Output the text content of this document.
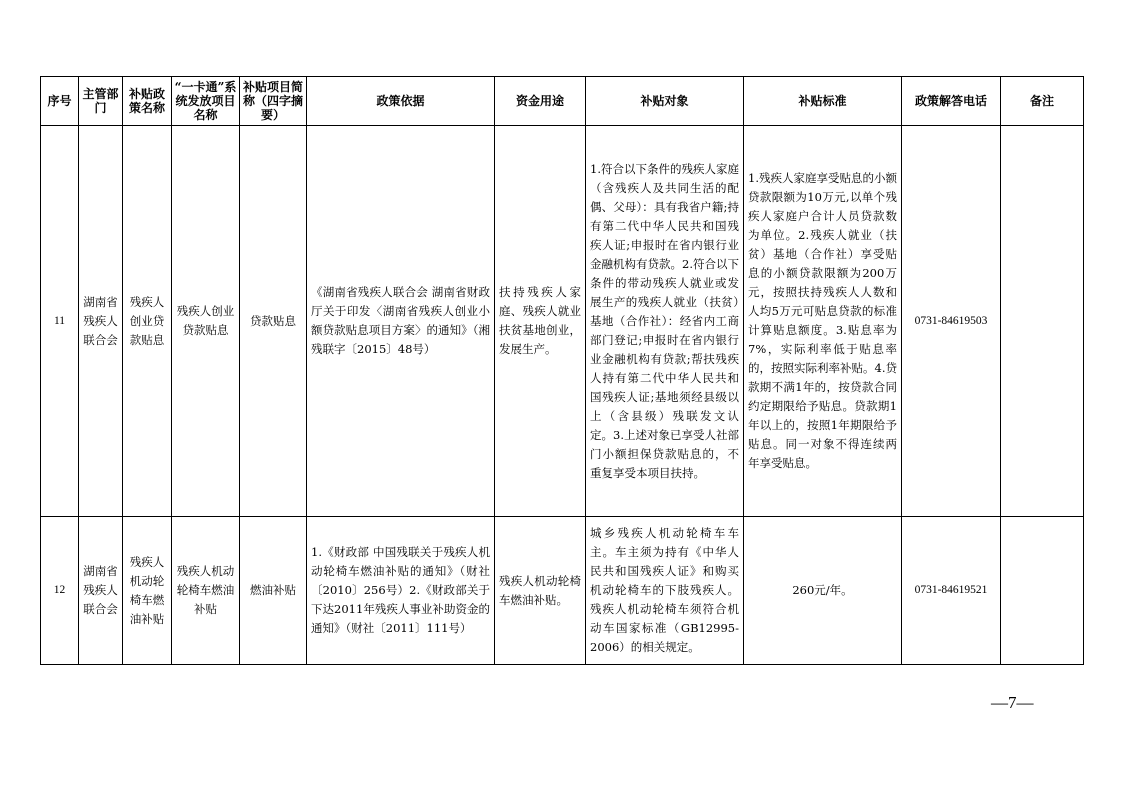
序号	主管部门	补贴政策名称	“一卡通”系统发放项目名称	补贴项目简称（四字摘要）	政策依据	资金用途	补贴对象	补贴标准	政策解答电话	备注
11	湖南省残疾人联合会	残疾人创业贷款贴息	残疾人创业贷款贴息	贷款贴息	《湖南省残疾人联合会 湖南省财政厅关于印发〈湖南省残疾人创业小额贷款贴息项目方案〉的通知》（湘残联字〔2015〕48号）	扶持残疾人家庭、残疾人就业扶贫基地创业，发展生产。	1.符合以下条件的残疾人家庭（含残疾人及共同生活的配偶、父母）：具有我省户籍;持有第二代中华人民共和国残疾人证;申报时在省内银行业金融机构有贷款。2.符合以下条件的带动残疾人就业或发展生产的残疾人就业（扶贫）基地（合作社）：经省内工商部门登记;申报时在省内银行业金融机构有贷款;帮扶残疾人持有第二代中华人民共和国残疾人证;基地须经县级以上（含县级）残联发文认定。3.上述对象已享受人社部门小额担保贷款贴息的，不重复享受本项目扶持。	1.残疾人家庭享受贴息的小额贷款限额为10万元,以单个残疾人家庭户合计人员贷款数为单位。2.残疾人就业（扶贫）基地（合作社）享受贴息的小额贷款限额为200万元，按照扶持残疾人人数和人均5万元可贴息贷款的标准计算贴息额度。3.贴息率为7%，实际利率低于贴息率的，按照实际利率补贴。4.贷款期不满1年的，按贷款合同约定期限给予贴息。贷款期1年以上的，按照1年期限给予贴息。同一对象不得连续两年享受贴息。	0731-84619503	
12	湖南省残疾人联合会	残疾人机动轮椅车燃油补贴	残疾人机动轮椅车燃油补贴	燃油补贴	1.《财政部 中国残联关于残疾人机动轮椅车燃油补贴的通知》（财社〔2010〕256号）2.《财政部关于下达2011年残疾人事业补助资金的通知》（财社〔2011〕111号）	残疾人机动轮椅车燃油补贴。	城乡残疾人机动轮椅车车主。车主须为持有《中华人民共和国残疾人证》和购买机动轮椅车的下肢残疾人。残疾人机动轮椅车须符合机动车国家标准（GB12995-2006）的相关规定。	260元/年。	0731-84619521	
—7—
